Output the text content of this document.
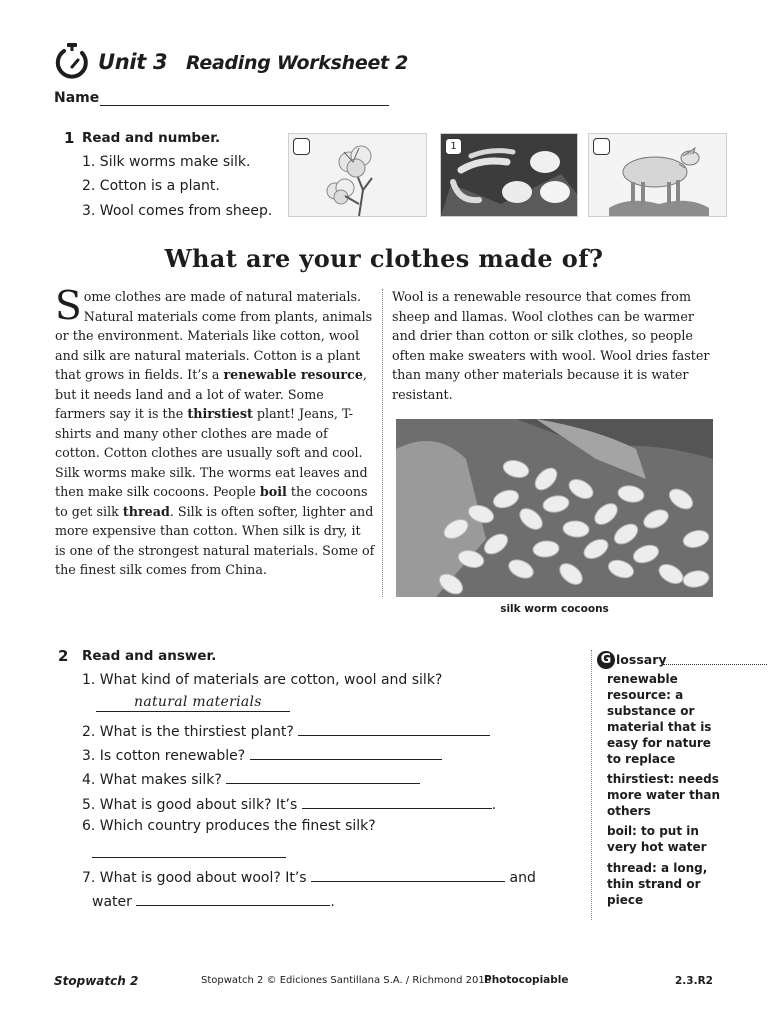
Unit 3 Reading Worksheet 2
Name
1 Read and number.
1. Silk worms make silk.
2. Cotton is a plant.
3. Wool comes from sheep.
1
What are your clothes made of?
S ome clothes are made of natural materials. Natural materials come from plants, animals or the environment. Materials like cotton, wool and silk are natural materials. Cotton is a plant that grows in fields. It’s a renewable resource, but it needs land and a lot of water. Some farmers say it is the thirstiest plant! Jeans, T-shirts and many other clothes are made of cotton. Cotton clothes are usually soft and cool.

Silk worms make silk. The worms eat leaves and then make silk cocoons. People boil the cocoons to get silk thread. Silk is often softer, lighter and more expensive than cotton. When silk is dry, it is one of the strongest natural materials. Some of the finest silk comes from China.

Wool is a renewable resource that comes from sheep and llamas. Wool clothes can be warmer and drier than cotton or silk clothes, so people often make sweaters with wool. Wool dries faster than many other materials because it is water resistant.

silk worm cocoons
2 Read and answer.
1. What kind of materials are cotton, wool and silk?
natural materials
2. What is the thirstiest plant?
3. Is cotton renewable?
4. What makes silk?
5. What is good about silk? It’s	.
6. Which country produces the finest silk?
7. What is good about wool? It’s	and
water	.
G lossary
renewable resource: a substance or material that is easy for nature to replace
thirstiest: needs more water than others
boil: to put in very hot water
thread: a long, thin strand or piece
Stopwatch 2	Stopwatch 2 © Ediciones Santillana S.A. / Richmond 2018
Photocopiable	2.3.R2
